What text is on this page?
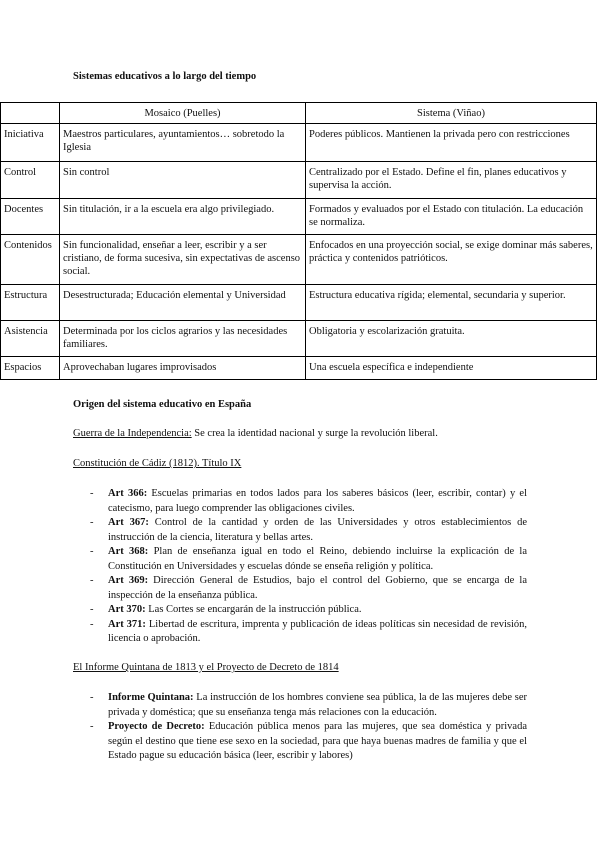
Sistemas educativos a lo largo del tiempo
	Mosaico (Puelles)	Sistema (Viñao)
Iniciativa	Maestros particulares, ayuntamientos… sobretodo la Iglesia	Poderes públicos. Mantienen la privada pero con restricciones
Control	Sin control	Centralizado por el Estado. Define el fin, planes educativos y supervisa la acción.
Docentes	Sin titulación, ir a la escuela era algo privilegiado.	Formados y evaluados por el Estado con titulación. La educación se normaliza.
Contenidos	Sin funcionalidad, enseñar a leer, escribir y a ser cristiano, de forma sucesiva, sin expectativas de ascenso social.	Enfocados en una proyección social, se exige dominar más saberes, práctica y contenidos patrióticos.
Estructura	Desestructurada; Educación elemental y Universidad	Estructura educativa rígida; elemental, secundaria y superior.
Asistencia	Determinada por los ciclos agrarios y las necesidades familiares.	Obligatoria y escolarización gratuita.
Espacios	Aprovechaban lugares improvisados	Una escuela específica e independiente
Origen del sistema educativo en España
Guerra de la Independencia: Se crea la identidad nacional y surge la revolución liberal.
Constitución de Cádiz (1812). Título IX
- Art 366: Escuelas primarias en todos lados para los saberes básicos (leer, escribir, contar) y el catecismo, para luego comprender las obligaciones civiles.
- Art 367: Control de la cantidad y orden de las Universidades y otros establecimientos de instrucción de la ciencia, literatura y bellas artes.
- Art 368: Plan de enseñanza igual en todo el Reino, debiendo incluirse la explicación de la Constitución en Universidades y escuelas dónde se enseña religión y política.
- Art 369: Dirección General de Estudios, bajo el control del Gobierno, que se encarga de la inspección de la enseñanza pública.
- Art 370: Las Cortes se encargarán de la instrucción pública.
- Art 371: Libertad de escritura, imprenta y publicación de ideas políticas sin necesidad de revisión, licencia o aprobación.
El Informe Quintana de 1813 y el Proyecto de Decreto de 1814
- Informe Quintana: La instrucción de los hombres conviene sea pública, la de las mujeres debe ser privada y doméstica; que su enseñanza tenga más relaciones con la educación.
- Proyecto de Decreto: Educación pública menos para las mujeres, que sea doméstica y privada según el destino que tiene ese sexo en la sociedad, para que haya buenas madres de familia y que el Estado pague su educación básica (leer, escribir y labores)
